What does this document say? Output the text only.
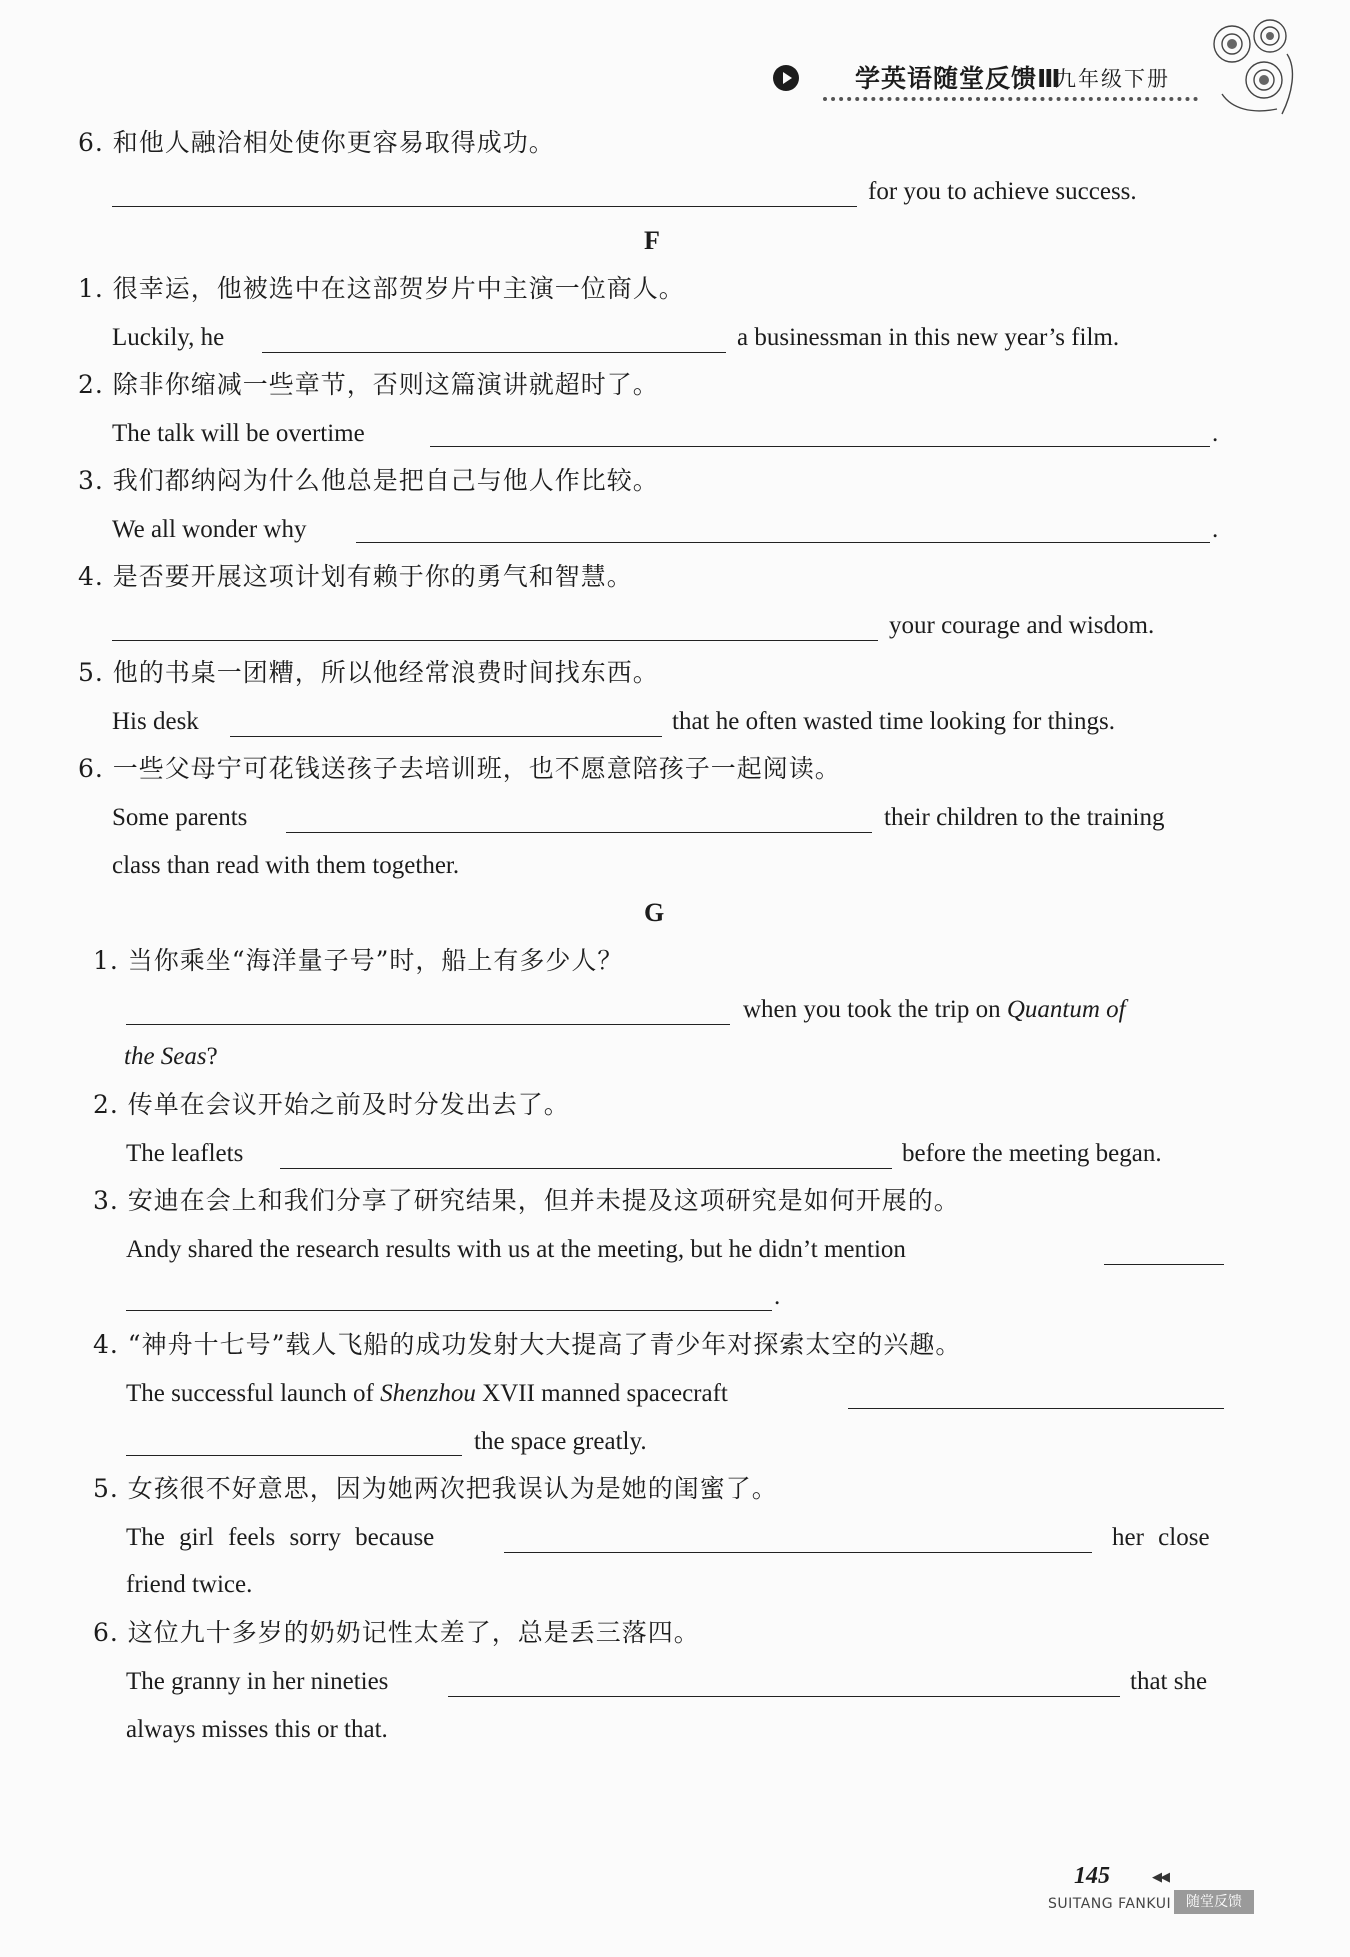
学英语随堂反馈Ⅲ
九年级下册
6. 和他人融洽相处使你更容易取得成功。
for you to achieve success.
F
1. 很幸运，他被选中在这部贺岁片中主演一位商人。
Luckily, he	a businessman in this new year’s film.
2. 除非你缩减一些章节，否则这篇演讲就超时了。
The talk will be overtime	.
3. 我们都纳闷为什么他总是把自己与他人作比较。
We all wonder why	.
4. 是否要开展这项计划有赖于你的勇气和智慧。
your courage and wisdom.
5. 他的书桌一团糟，所以他经常浪费时间找东西。
His desk	that he often wasted time looking for things.
6. 一些父母宁可花钱送孩子去培训班，也不愿意陪孩子一起阅读。
Some parents	their children to the training
class than read with them together.
G
1. 当你乘坐“海洋量子号”时，船上有多少人？
when you took the trip on Quantum of
the Seas?
2. 传单在会议开始之前及时分发出去了。
The leaflets	before the meeting began.
3. 安迪在会上和我们分享了研究结果，但并未提及这项研究是如何开展的。
Andy shared the research results with us at the meeting, but he didn’t mention
.
4. “神舟十七号”载人飞船的成功发射大大提高了青少年对探索太空的兴趣。
The successful launch of Shenzhou XVII manned spacecraft
the space greatly.
5. 女孩很不好意思，因为她两次把我误认为是她的闺蜜了。
The girl feels sorry because	her close
friend twice.
6. 这位九十多岁的奶奶记性太差了，总是丢三落四。
The granny in her nineties	that she
always misses this or that.
145	◀◀
SUITANG FANKUI	随堂反馈
